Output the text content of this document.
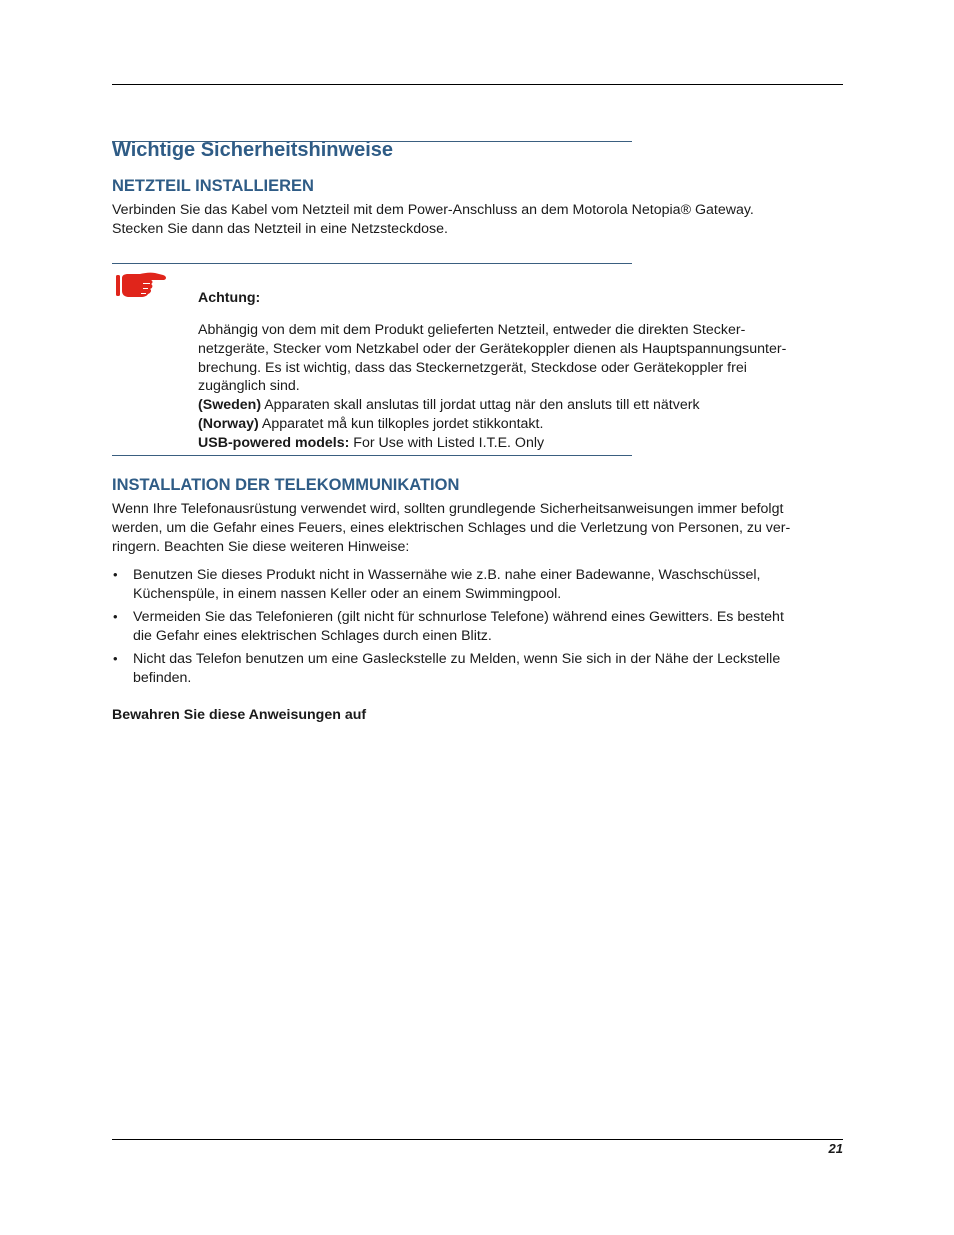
Wichtige Sicherheitshinweise
NETZTEIL INSTALLIEREN
Verbinden Sie das Kabel vom Netzteil mit dem Power-Anschluss an dem Motorola Netopia® Gateway.
Stecken Sie dann das Netzteil in eine Netzsteckdose.
Achtung:
Abhängig von dem mit dem Produkt gelieferten Netzteil, entweder die direkten Stecker-
netzgeräte, Stecker vom Netzkabel oder der Gerätekoppler dienen als Hauptspannungsunter-
brechung. Es ist wichtig, dass das Steckernetzgerät, Steckdose oder Gerätekoppler frei
zugänglich sind.
(Sweden) Apparaten skall anslutas till jordat uttag när den ansluts till ett nätverk
(Norway) Apparatet må kun tilkoples jordet stikkontakt.
USB-powered models: For Use with Listed I.T.E. Only
INSTALLATION DER TELEKOMMUNIKATION
Wenn Ihre Telefonausrüstung verwendet wird, sollten grundlegende Sicherheitsanweisungen immer befolgt
werden, um die Gefahr eines Feuers, eines elektrischen Schlages und die Verletzung von Personen, zu ver-
ringern. Beachten Sie diese weiteren Hinweise:
• Benutzen Sie dieses Produkt nicht in Wassernähe wie z.B. nahe einer Badewanne, Waschschüssel,
Küchenspüle, in einem nassen Keller oder an einem Swimmingpool.
• Vermeiden Sie das Telefonieren (gilt nicht für schnurlose Telefone) während eines Gewitters. Es besteht
die Gefahr eines elektrischen Schlages durch einen Blitz.
• Nicht das Telefon benutzen um eine Gasleckstelle zu Melden, wenn Sie sich in der Nähe der Leckstelle
befinden.
Bewahren Sie diese Anweisungen auf
21
